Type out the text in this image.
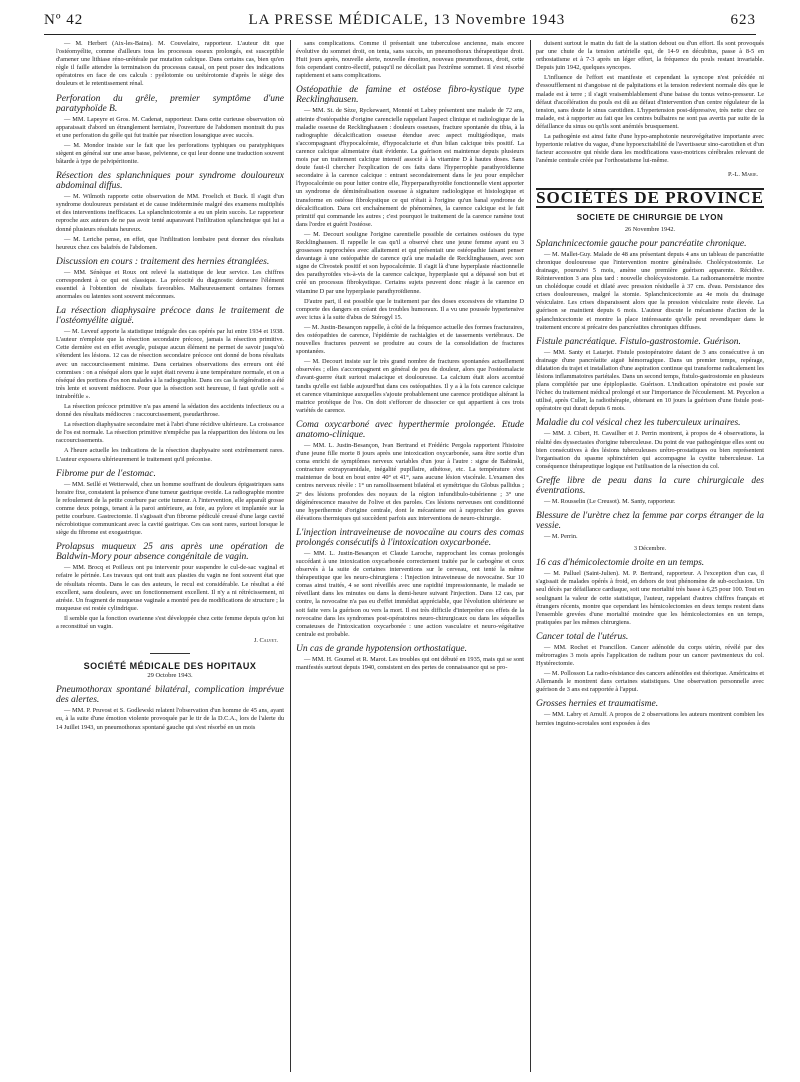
Nº 42	LA PRESSE MÉDICALE, 13 Novembre 1943	623

— M. Herbert (Aix-les-Bains). M. Couvelaire, rapporteur. L'auteur dit que l'ostéomyélite, comme d'ailleurs tous les processus osseux prolongés, est susceptible d'amener une lithiase réno-urétérale par mutation calcique. Dans certains cas, bien qu'en règle il faille attendre la terminaison du processus causal, on peut poser des indications opératoires en face de ces calculs : pyélotomie ou urétérotomie d'après le siège des douleurs et le retentissement rénal.

Perforation du grêle, premier symptôme d'une paratyphoïde B.

— MM. Lapeyre et Gros. M. Cadenat, rapporteur. Dans cette curieuse observation où apparaissait d'abord un étranglement herniaire, l'ouverture de l'abdomen montrait du pus et une perforation du grêle qui fut traitée par résection losangique avec succès.

— M. Mondor insiste sur le fait que les perforations typhiques ou paratyphiques siègent en général sur une anse basse, pelvienne, ce qui leur donne une traduction souvent bâtarde à type de pelvipéritonite.

Résection des splanchniques pour syndrome douloureux abdominal diffus.

— M. Wilmoth rapporte cette observation de MM. Froelich et Buck. Il s'agit d'un syndrome douloureux persistant et de cause indéterminée malgré des examens multipliés et des interventions inefficaces. La splanchnicotomie a eu un plein succès. Le rapporteur reproche aux auteurs de ne pas avoir tenté auparavant l'infiltration splanchnique qui lui a donné plusieurs résultats heureux.

— M. Leriche pense, en effet, que l'infiltration lombaire peut donner des résultats heureux chez ces balafrés de l'abdomen.

Discussion en cours : traitement des hernies étranglées.

— MM. Sénèque et Roux ont relevé la statistique de leur service. Les chiffres correspondent à ce qui est classique. La précocité du diagnostic demeure l'élément essentiel à l'obtention de résultats favorables. Malheureusement certaines formes anormales ou latentes sont souvent méconnues.

La résection diaphysaire précoce dans le traitement de l'ostéomyélite aiguë.

— M. Leveuf apporte la statistique intégrale des cas opérés par lui entre 1934 et 1938. L'auteur n'emploie que la résection secondaire précoce, jamais la résection primitive. Cette dernière est en effet aveugle, puisque aucun élément ne permet de savoir jusqu'où s'étendent les lésions. 12 cas de résection secondaire précoce ont donné de bons résultats avec un raccourcissement minime. Dans certaines observations des erreurs ont été commises : on a réséqué alors que le sujet était revenu à une température normale, et on a réséqué des portions d'os non malades à la radiographie. Dans ces cas la régénération a été très lente et souvent médiocre. Pour que la résection soit heureuse, il faut qu'elle soit « intrabréfile ».

La résection précoce primitive n'a pas amené la sédation des accidents infectieux ou a donné des résultats médiocres : raccourcissement, pseudarthrose.

La résection diaphysaire secondaire met à l'abri d'une récidive ultérieure. La croissance de l'os est normale. La résection primitive n'empêche pas la réapparition des lésions ou les raccourcissements.

A l'heure actuelle les indications de la résection diaphysaire sont extrêmement rares. L'auteur exposera ultérieurement le traitement qu'il préconise.

Fibrome pur de l'estomac.

— MM. Seillé et Wetterwald, chez un homme souffrant de douleurs épigastriques sans horaire fixe, constatent la présence d'une tumeur gastrique ovoïde. La radiographie montre le refoulement de la petite courbure par cette tumeur. A l'intervention, elle apparaît grosse comme deux poings, tenant à la paroi antérieure, au foie, au pylore et implantée sur la petite courbure. Gastrectomie. Il s'agissait d'un fibrome pédiculé creusé d'une large cavité nécrobiotique communicant avec la cavité gastrique. Ces cas sont rares, surtout lorsque le siège du fibrome est exogastrique.

Prolapsus muqueux 25 ans après une opération de Baldwin-Mory pour absence congénitale de vagin.

— MM. Brocq et Poilleux ont pu intervenir pour suspendre le cul-de-sac vaginal et refaire le périnée. Les travaux qui ont trait aux plasties du vagin ne font souvent état que de résultats récents. Dans le cas des auteurs, le recul est considérable. Le résultat a été excellent, sans douleurs, avec un fonctionnement excellent. Il n'y a ni rétrécissement, ni atrésie. Un fragment de muqueuse vaginale a montré peu de modifications de structure ; la muqueuse est restée cylindrique.

Il semble que la fonction ovarienne s'est développée chez cette femme depuis qu'on lui a reconstitué un vagin.

J. Calvet.
SOCIÉTÉ MÉDICALE DES HOPITAUX
29 Octobre 1943.
Pneumothorax spontané bilatéral, complication imprévue des alertes.

— MM. P. Pruvost et S. Godlewski relatent l'observation d'un homme de 45 ans, ayant eu, à la suite d'une émotion violente provoquée par le tir de la D.C.A., lors de l'alerte du 14 Juillet 1943, un pneumothorax spontané gauche qui s'est résorbé en un mois

sans complications. Comme il présentait une tuberculose ancienne, mais encore évolutive du sommet droit, on tenta, sans succès, un pneumothorax thérapeutique droit. Huit jours après, nouvelle alerte, nouvelle émotion, nouveau pneumothorax, droit, cette fois cependant contro-électif, puisqu'il ne décollait pas l'extrême sommet. Il s'est résorbé rapidement et sans complications.

Ostéopathie de famine et ostéose fibro-kystique type Recklinghausen.

— MM. St. de Sèze, Ryckewaert, Monnié et Labey présentent une malade de 72 ans, atteinte d'ostéopathie d'origine carencielle rappelant l'aspect clinique et radiologique de la maladie osseuse de Recklinghausen : douleurs osseuses, fracture spontanée du tibia, à la radiographie décalcification osseuse étendue avec aspect multigéodique, mais s'accompagnant d'hypocalcémie, d'hypocalciurie et d'un bilan calcique très positif. La carence calcique alimentaire était évidente. La guérison est maintenue depuis plusieurs mois par un traitement calcique intensif associé à la vitamine D à hautes doses. Sans doute faut-il chercher l'explication de ces faits dans l'hyperrophie parathyroïdienne secondaire à la carence calcique : entrant secondairement dans le jeu pour empêcher l'hypocalcémie ou pour lutter contre elle, l'hyperparathyroïdie fonctionnelle vient apporter un syndrome de déminéralisation osseuse à signature radiologique et histologique et transforme en ostéose fibrokystique ce qui n'était à l'origine qu'un banal syndrome de décalcification. Dans cet enchaînement de phénomènes, la carence calcique est le fait primitif qui commande les autres ; c'est pourquoi le traitement de la carence ramène tout dans l'ordre et guérit l'ostéose.

— M. Decourt souligne l'origine carentielle possible de certaines ostéoses du type Recklinghausen. Il rappelle le cas qu'il a observé chez une jeune femme ayant eu 3 grossesses rapprochées avec allaitement et qui présentait une ostéopathie faisant penser davantage à une ostéopathie de carence qu'à une maladie de Recklinghausen, avec son signe de Chvostek positif et son hypocalcémie. Il s'agit là d'une hyperplasie réactionnelle des parathyroïdes vis-à-vis de la carence calcique, hyperplasie qui a dépassé son but et créé un processus fibrokystique. Certains sujets peuvent donc réagir à la carence en vitamine D par une hyperplasie parathyroïdienne.

D'autre part, il est possible que le traitement par des doses excessives de vitamine D comporte des dangers en créant des troubles humoraux. Il a vu une poussée hypertensive avec ictus à la suite d'abus de Stérogyl 15.

— M. Justin-Besançon rappelle, à côté de la fréquence actuelle des formes fracturaires, des ostéopathies de carence, l'épidémie de rachialgies et de tassements vertébraux. De nouvelles fractures peuvent se produire au cours de la consolidation de fractures spontanées.

— M. Decourt insiste sur le très grand nombre de fractures spontanées actuellement observées ; elles s'accompagnent en général de peu de douleur, alors que l'ostéomalacie d'avant-guerre était surtout malacique et douloureuse. La calcium était alors accentué tandis qu'elle est faible aujourd'hui dans ces ostéopathies. Il y a à la fois carence calcique et carence vitaminique auxquelles s'ajoute probablement une carence protidique altérant la matrice protéique de l'os. On doit s'efforcer de dissocier ce qui appartient à ces trois variétés de carence.

Coma oxycarboné avec hyperthermie prolongée. Etude anatomo-clinique.

— MM. L. Justin-Besançon, Ivan Bertrand et Frédéric Pergola rapportent l'histoire d'une jeune fille morte 8 jours après une intoxication oxycarbonée, sans être sortie d'un coma enrichi de symptômes nerveux variables d'un jour à l'autre : signe de Babinski, contracture extrapyramidale, inégalité pupillaire, athétose, etc. La température s'est maintenue de bout en bout entre 40° et 41°, sans aucune lésion viscérale. L'examen des centres nerveux révèle : 1° un ramollissement bilatéral et symétrique du Globus pallidus ; 2° des lésions profondes des noyaux de la région infundibulo-tubérienne ; 3° une dégénérescence massive de l'olive et des paroles. Ces lésions nerveuses ont conditionné une hyperthermie d'origine centrale, dont le mécanisme est à rapprocher des graves élévations thermiques qui succèdent parfois aux interventions de neuro-chirurgie.

L'injection intraveineuse de novocaïne au cours des comas prolongés consécutifs à l'intoxication oxycarbonée.

— MM. L. Justin-Besançon et Claude Laroche, rapprochant les comas prolongés succédant à une intoxication oxycarbonée correctement traitée par le carbogène et ceux observés à la suite de certaines interventions sur le cerveau, ont tenté la même thérapeutique que les neuro-chirurgiens : l'injection intraveineuse de novocaïne. Sur 10 comas ainsi traités, 4 se sont réveillés avec une rapidité impressionnante, le malade se réveillant dans les minutes ou dans la demi-heure suivant l'injection. Dans 12 cas, par contre, la novocaïne n'a pas eu d'effet immédiat appréciable, que l'évolution ultérieure se soit faite vers la guérison ou vers la mort. Il est très difficile d'interpréter ces effets de la novocaïne dans les syndromes post-opératoires neuro-chirurgicaux ou dans les séquelles comateuses de l'intoxication oxycarbonée : une action vasculaire et neuro-végétative centrale est probable.

Un cas de grande hypotension orthostatique.

— MM. H. Goumel et R. Marot. Les troubles qui ont débuté en 1935, mais qui se sont manifestés surtout depuis 1940, consistent en des pertes de connaissance qui se pro-

duisent surtout le matin du fait de la station debout ou d'un effort. Ils sont provoqués par une chute de la tension artérielle qui, de 14-9 en décubitus, passe à 8-5 en orthostatisme et à 7-3 après un léger effort, la fréquence du pouls restant invariable. Depuis juin 1942, quelques syncopes.

L'influence de l'effort est manifeste et cependant la syncope n'est précédée ni d'essoufflement ni d'angoisse ni de palpitations et la tension redevient normale dès que le malade est à terre ; il s'agit vraisemblablement d'une baisse du tonus veino-presseur. Le défaut d'accélération du pouls est dû au défaut d'intervention d'un centre régulateur de la tension, sans doute le sinus carotidien. L'hypertension post-dépressive, très nette chez ce malade, est à rapporter au fait que les centres bulbaires ne sont pas avertis par suite de la défaillance du sinus ou qu'ils sont anémiés brusquement.

La pathogénie est ainsi faite d'une hypo-amphotonie neurovégétative importante avec hypertonie relative du vague, d'une hypoexcitabilité de l'avertisseur sino-carotidien et d'un facteur accessoire qui réside dans les modifications vaso-motrices cérébrales relevant de l'anémie centrale créée par l'orthostatisme lui-même.

P.-L. Marie.
SOCIÉTÉS DE PROVINCE
SOCIETE DE CHIRURGIE DE LYON
26 Novembre 1942.
Splanchnicectomie gauche pour pancréatite chronique.

— M. Mallet-Guy. Malade de 48 ans présentant depuis 4 ans un tableau de pancréatite chronique douloureuse que l'intervention montre généralisée. Cholécystostomie. Le drainage, poursuivi 5 mois, amène une première guérison apparente. Récidive. Réintervention 3 ans plus tard : nouvelle cholécystostomie. La radiomanométrie montre un cholédoque coudé et dilaté avec pression résiduelle à 37 cm. d'eau. Persistance des crises douloureuses, malgré la stomie. Splanchnicectomie au 4e mois du drainage vésiculaire. Les crises disparaissent alors que la pression vésiculaire reste élevée. La guérison se maintient depuis 6 mois. L'auteur discute le mécanisme d'action de la splanchnicectomie et montre la place intéressante qu'elle peut revendiquer dans le traitement encore si précaire des pancréatites chroniques diffuses.

Fistule pancréatique. Fistulo-gastrostomie. Guérison.

— MM. Santy et Latarjet. Fistule postopératoire datant de 3 ans consécutive à un drainage d'une pancréatite aiguë hémorragique. Dans un premier temps, repérage, dilatation du trajet et installation d'une aspiration continue qui transforme radicalement les lésions inflammatoires pariétales. Dans un second temps, fistulo-gastrostomie en plusieurs plans complétée par une épiploplastie. Guérison. L'indication opératoire est posée sur l'échec du traitement médical prolongé et sur l'importance de l'écoulement. M. Peycelon a utilisé, après Culler, la radiothérapie, obtenant en 10 jours la guérison d'une fistule post-opératoire qui durait depuis 6 mois.

Maladie du col vésical chez les tuberculeux urinaires.

— MM. J. Cibert, H. Cavailher et J. Perrin montrent, à propos de 4 observations, la réalité des dyssectasies d'origine tuberculeuse. Du point de vue pathogénique elles sont ou bien consécutives à des lésions tuberculeuses urétro-prostatiques ou bien représentent l'organisation du spasme sphinctérien qui accompagne la cystite tuberculeuse. La conséquence thérapeutique logique est l'utilisation de la résection du col.

Greffe libre de peau dans la cure chirurgicale des éventrations.

— M. Rousselin (Le Creusot). M. Santy, rapporteur.

Blessure de l'urètre chez la femme par corps étranger de la vessie.

— M. Perrin.

3 Décembre.
16 cas d'hémicolectomie droite en un temps.

— M. Palluel (Saint-Julien). M. P. Bertrand, rapporteur. A l'exception d'un cas, il s'agissait de malades opérés à froid, en dehors de tout phénomène de sub-occlusion. Un seul décès par défaillance cardiaque, soit une mortalité très basse à 6,25 pour 100. Tout en soulignant la valeur de cette statistique, l'auteur, rappelant d'autres chiffres français et étrangers récents, montre que cependant les hémicolectomies en deux temps restent dans l'ensemble grevées d'une mortalité moindre que les hémicolectomies en un temps, pratiquées par les mêmes chirurgiens.

Cancer total de l'utérus.

— MM. Rochet et Francillon. Cancer adénoïde du corps utérin, révélé par des métrorragies 3 mois après l'application de radium pour un cancer pavimenteux du col. Hystérectomie.

— M. Pollosson La radio-résistance des cancers adénoïdes est théorique. Américains et Allemands le montrent dans certaines statistiques. Une observation personnelle avec guérison de 3 ans est rapportée à l'appui.

Grosses hernies et traumatisme.

— MM. Labry et Arnulf. A propos de 2 observations les auteurs montrent combien les hernies inguino-scrotales sont exposées à des
